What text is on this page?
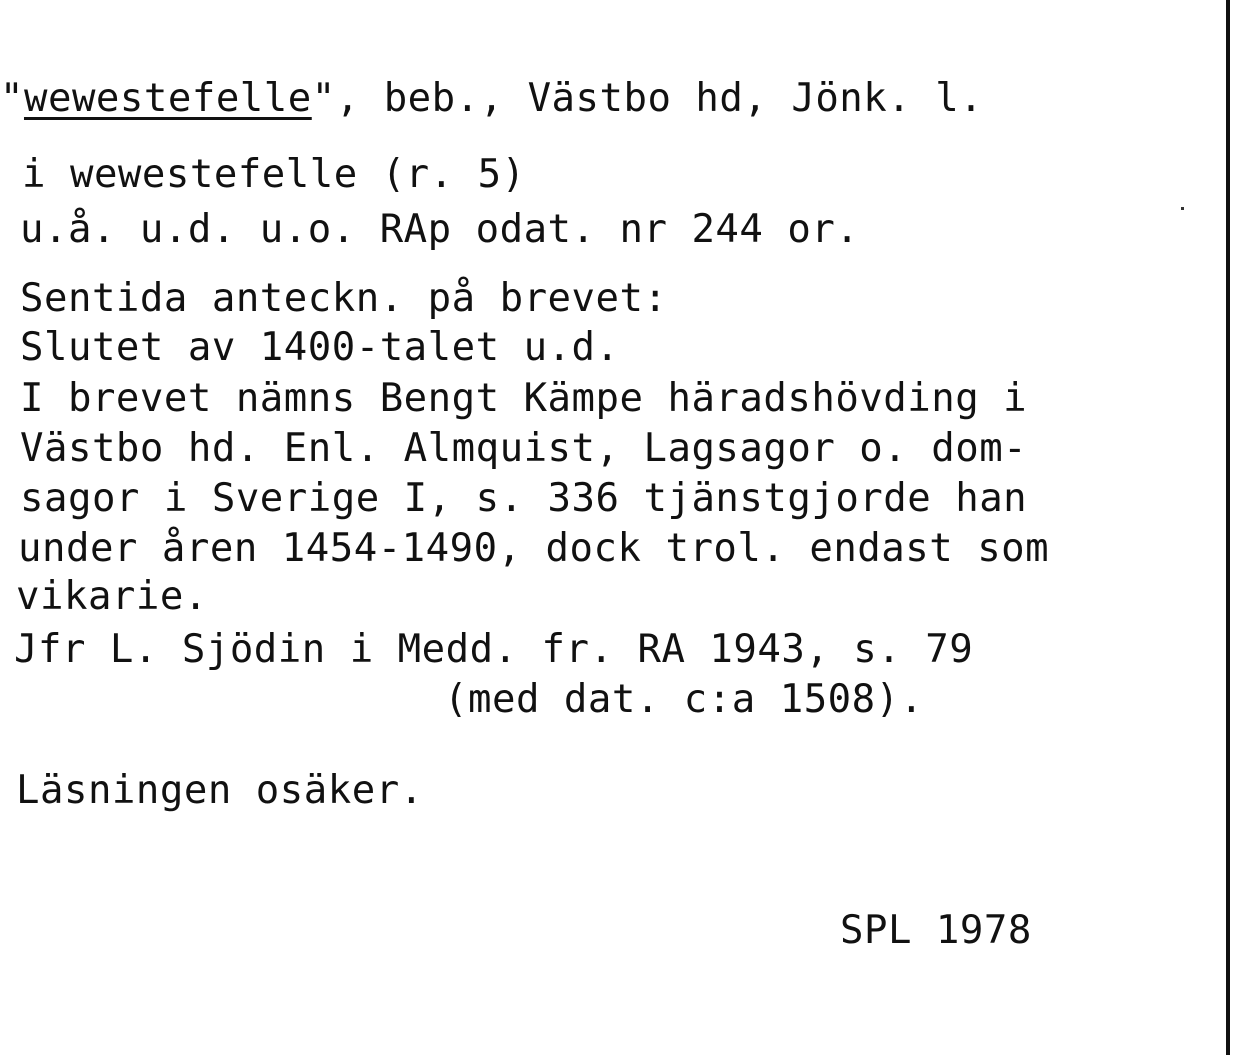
"wewestefelle", beb., Västbo hd, Jönk. l.
i wewestefelle (r. 5)
u.å. u.d. u.o. RAp odat. nr 244 or.
Sentida anteckn. på brevet:
Slutet av 1400-talet u.d.
I brevet nämns Bengt Kämpe häradshövding i
Västbo hd. Enl. Almquist, Lagsagor o. dom-
sagor i Sverige I, s. 336 tjänstgjorde han
under åren 1454-1490, dock trol. endast som
vikarie.
Jfr L. Sjödin i Medd. fr. RA 1943, s. 79
(med dat. c:a 1508).
Läsningen osäker.
SPL 1978
